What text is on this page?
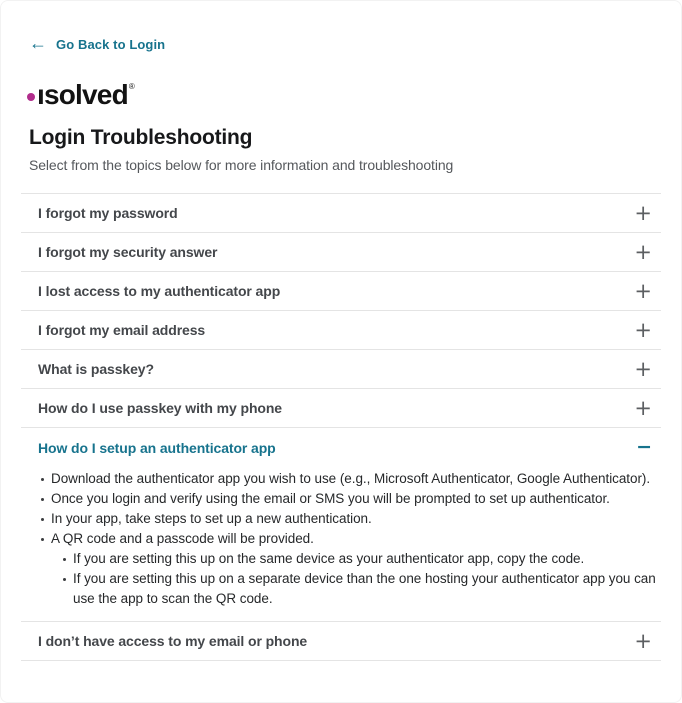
← Go Back to Login
ısolved ®
Login Troubleshooting
Select from the topics below for more information and troubleshooting
I forgot my password	+
I forgot my security answer	+
I lost access to my authenticator app	+
I forgot my email address	+
What is passkey?	+
How do I use passkey with my phone	+
How do I setup an authenticator app	−
Download the authenticator app you wish to use (e.g., Microsoft Authenticator, Google Authenticator).
Once you login and verify using the email or SMS you will be prompted to set up authenticator.
In your app, take steps to set up a new authentication.
A QR code and a passcode will be provided.
If you are setting this up on the same device as your authenticator app, copy the code.
If you are setting this up on a separate device than the one hosting your authenticator app you can use the app to scan the QR code.
I don’t have access to my email or phone	+
